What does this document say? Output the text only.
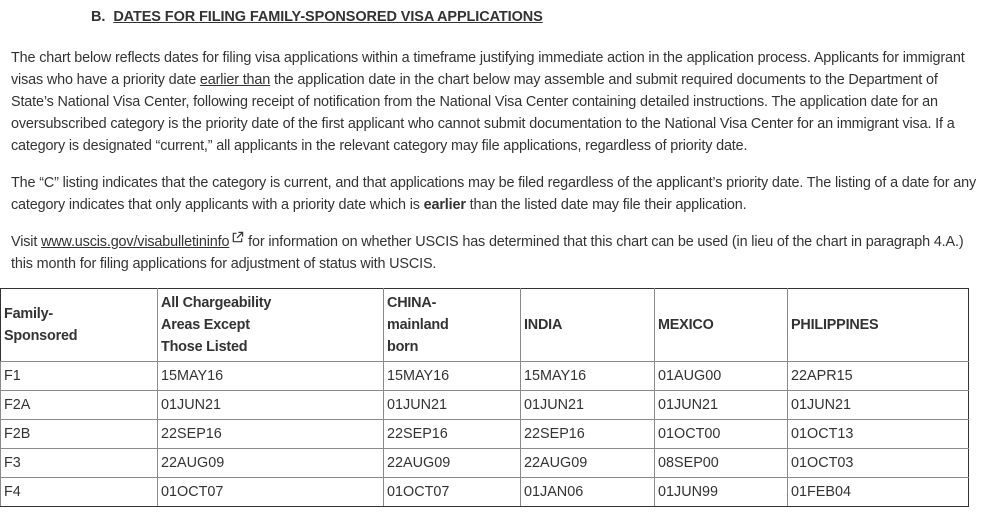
B. DATES FOR FILING FAMILY-SPONSORED VISA APPLICATIONS

The chart below reflects dates for filing visa applications within a timeframe justifying immediate action in the application process. Applicants for immigrant visas who have a priority date earlier than the application date in the chart below may assemble and submit required documents to the Department of State’s National Visa Center, following receipt of notification from the National Visa Center containing detailed instructions. The application date for an oversubscribed category is the priority date of the first applicant who cannot submit documentation to the National Visa Center for an immigrant visa. If a category is designated “current,” all applicants in the relevant category may file applications, regardless of priority date.

The “C” listing indicates that the category is current, and that applications may be filed regardless of the applicant’s priority date. The listing of a date for any category indicates that only applicants with a priority date which is earlier than the listed date may file their application.

Visit www.uscis.gov/visabulletininfo for information on whether USCIS has determined that this chart can be used (in lieu of the chart in paragraph 4.A.) this month for filing applications for adjustment of status with USCIS.

Family-
Sponsored	All Chargeability
Areas Except
Those Listed	CHINA-
mainland
born	INDIA	MEXICO	PHILIPPINES
F1	15MAY16	15MAY16	15MAY16	01AUG00	22APR15
F2A	01JUN21	01JUN21	01JUN21	01JUN21	01JUN21
F2B	22SEP16	22SEP16	22SEP16	01OCT00	01OCT13
F3	22AUG09	22AUG09	22AUG09	08SEP00	01OCT03
F4	01OCT07	01OCT07	01JAN06	01JUN99	01FEB04
